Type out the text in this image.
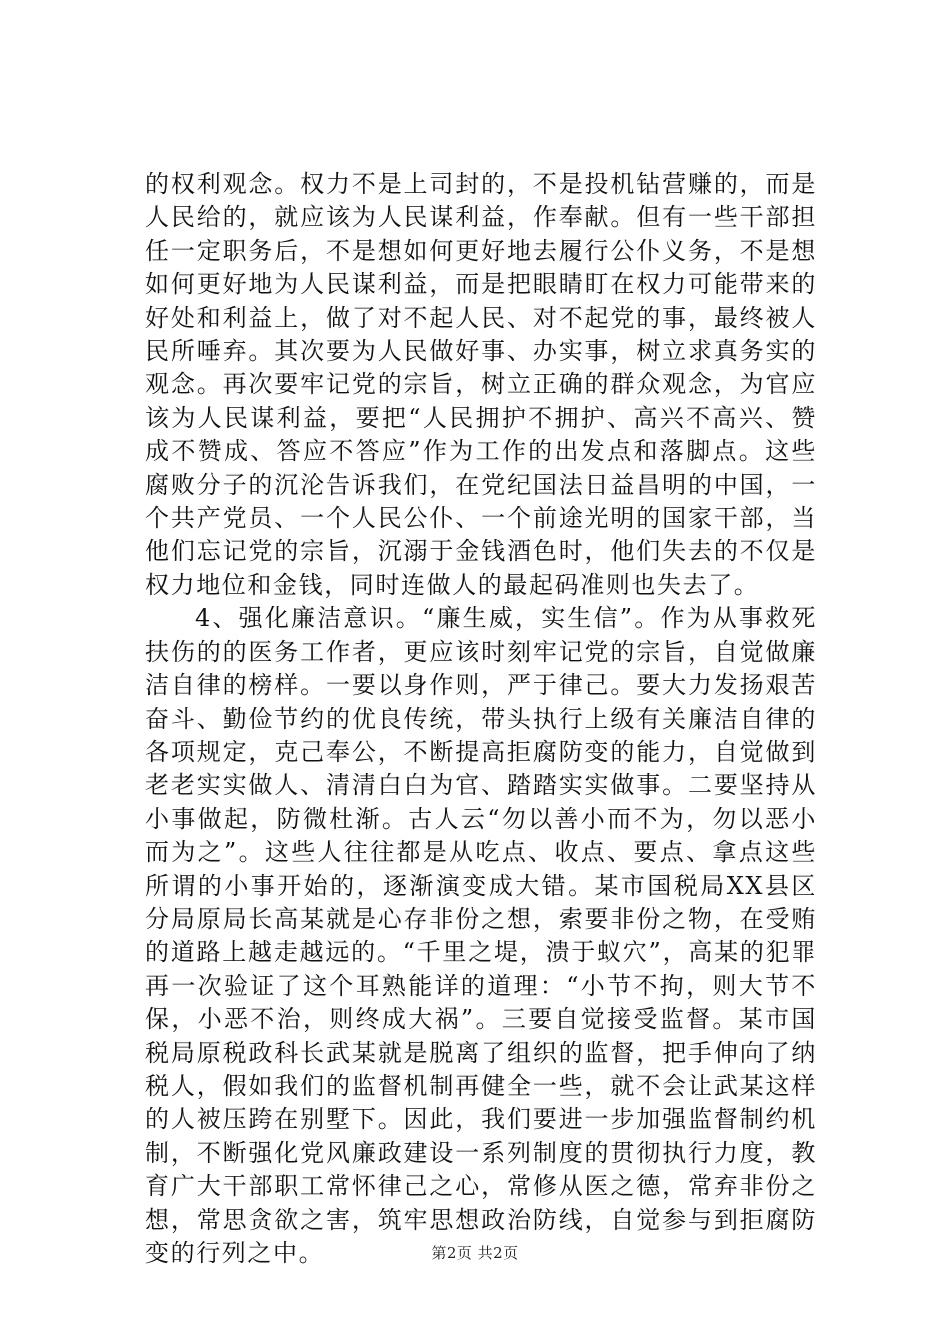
的权利观念。权力不是上司封的，不是投机钻营赚的，而是人民给的，就应该为人民谋利益，作奉献。但有一些干部担任一定职务后，不是想如何更好地去履行公仆义务，不是想如何更好地为人民谋利益，而是把眼睛盯在权力可能带来的好处和利益上，做了对不起人民、对不起党的事，最终被人民所唾弃。其次要为人民做好事、办实事，树立求真务实的观念。再次要牢记党的宗旨，树立正确的群众观念，为官应该为人民谋利益，要把“人民拥护不拥护、高兴不高兴、赞成不赞成、答应不答应”作为工作的出发点和落脚点。这些腐败分子的沉沦告诉我们，在党纪国法日益昌明的中国，一个共产党员、一个人民公仆、一个前途光明的国家干部，当他们忘记党的宗旨，沉溺于金钱酒色时，他们失去的不仅是权力地位和金钱，同时连做人的最起码准则也失去了。

4、强化廉洁意识。“廉生威，实生信”。作为从事救死扶伤的的医务工作者，更应该时刻牢记党的宗旨，自觉做廉洁自律的榜样。一要以身作则，严于律己。要大力发扬艰苦奋斗、勤俭节约的优良传统，带头执行上级有关廉洁自律的各项规定，克己奉公，不断提高拒腐防变的能力，自觉做到老老实实做人、清清白白为官、踏踏实实做事。二要坚持从小事做起，防微杜渐。古人云“勿以善小而不为，勿以恶小而为之”。这些人往往都是从吃点、收点、要点、拿点这些所谓的小事开始的，逐渐演变成大错。某市国税局XX县区分局原局长高某就是心存非份之想，索要非份之物，在受贿的道路上越走越远的。“千里之堤，溃于蚁穴”，高某的犯罪再一次验证了这个耳熟能详的道理：“小节不拘，则大节不保，小恶不治，则终成大祸”。三要自觉接受监督。某市国税局原税政科长武某就是脱离了组织的监督，把手伸向了纳税人，假如我们的监督机制再健全一些，就不会让武某这样的人被压跨在别墅下。因此，我们要进一步加强监督制约机制，不断强化党风廉政建设一系列制度的贯彻执行力度，教育广大干部职工常怀律己之心，常修从医之德，常弃非份之想，常思贪欲之害，筑牢思想政治防线，自觉参与到拒腐防变的行列之中。	第2页 共2页
